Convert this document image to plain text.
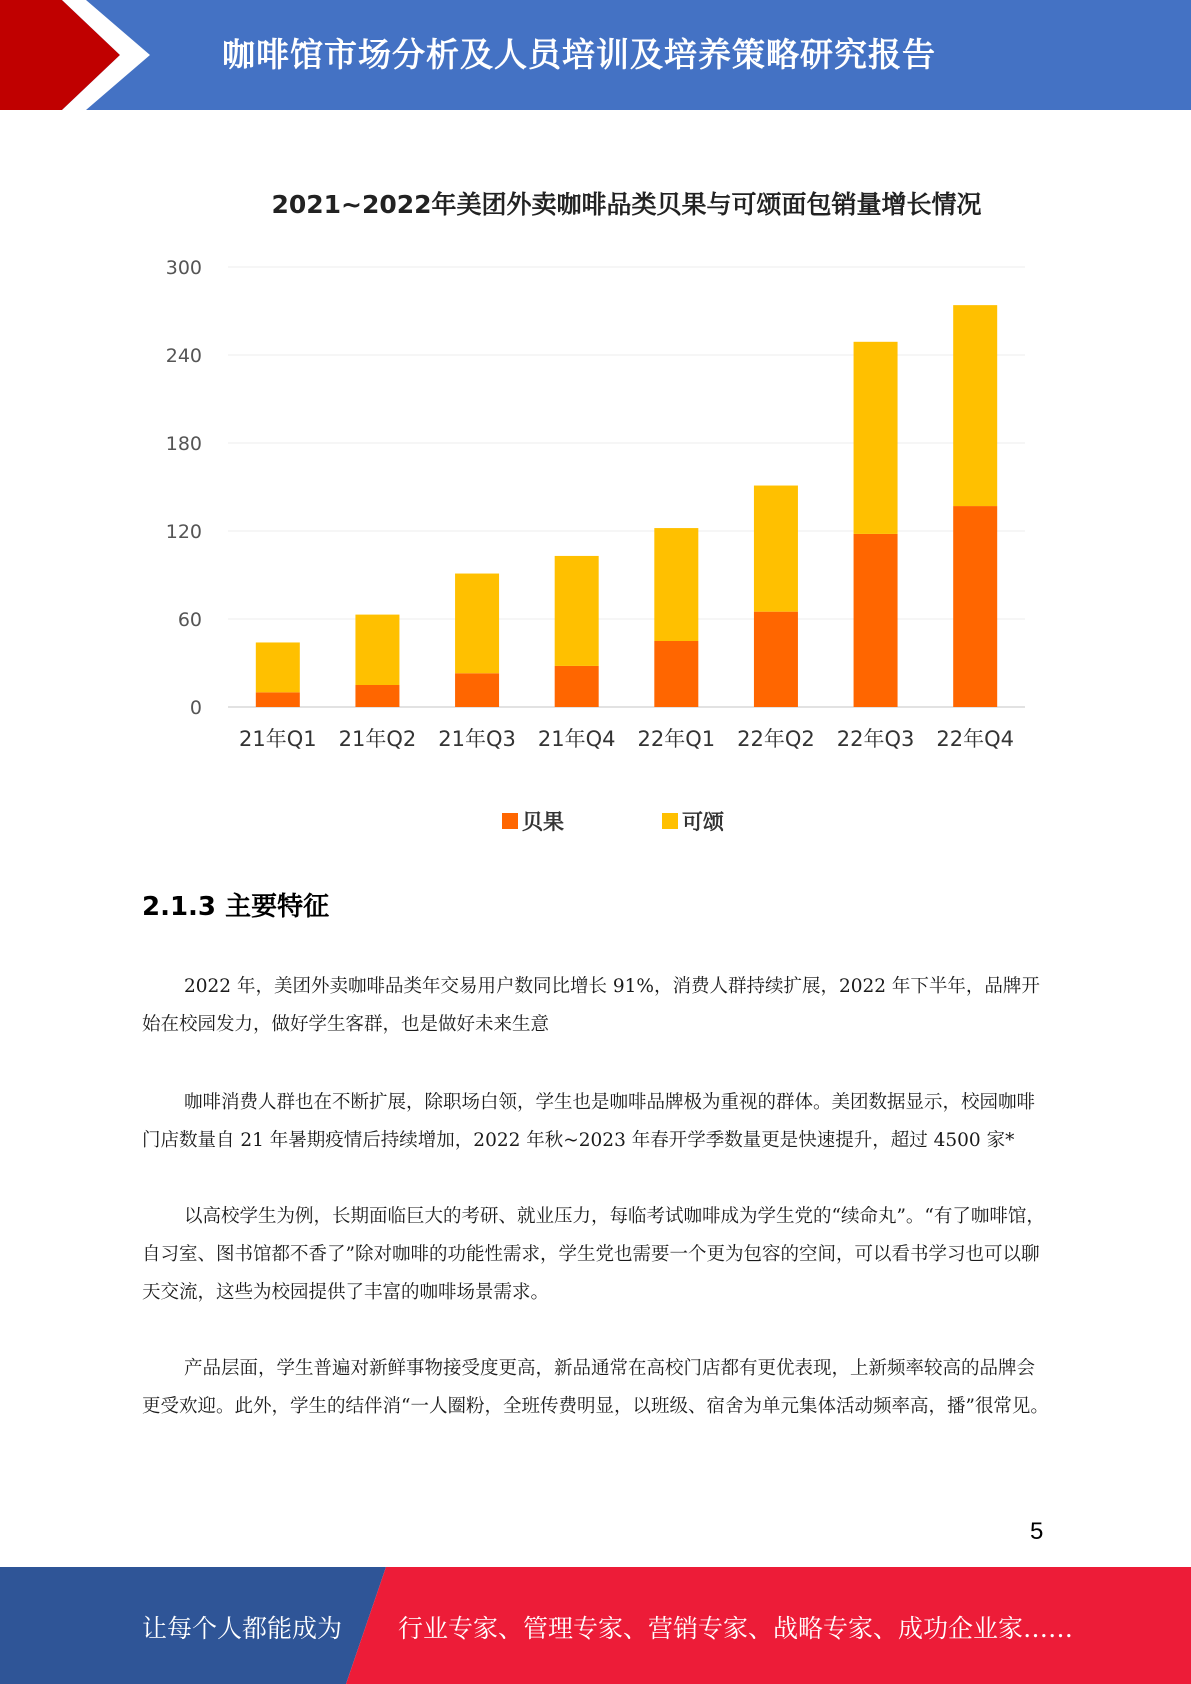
咖啡馆市场分析及人员培训及培养策略研究报告
2021~2022年美团外卖咖啡品类贝果与可颂面包销量增长情况
0
60
120
180
240
300
21年Q1 21年Q2 21年Q3 21年Q4 22年Q1 22年Q2 22年Q3 22年Q4
贝果	可颂
2.1.3 主要特征

2022 年，美团外卖咖啡品类年交易用户数同比增长 91%，消费人群持续扩展，2022 年下半年，品牌开始在校园发力，做好学生客群，也是做好未来生意

咖啡消费人群也在不断扩展，除职场白领，学生也是咖啡品牌极为重视的群体。美团数据显示，校园咖啡门店数量自 21 年暑期疫情后持续增加，2022 年秋~2023 年春开学季数量更是快速提升，超过 4500 家*

以高校学生为例，长期面临巨大的考研、就业压力，每临考试咖啡成为学生党的“续命丸”。“有了咖啡馆，自习室、图书馆都不香了”除对咖啡的功能性需求，学生党也需要一个更为包容的空间，可以看书学习也可以聊天交流，这些为校园提供了丰富的咖啡场景需求。

产品层面，学生普遍对新鲜事物接受度更高，新品通常在高校门店都有更优表现，上新频率较高的品牌会更受欢迎。此外，学生的结伴消“一人圈粉，全班传费明显，以班级、宿舍为单元集体活动频率高，播”很常见。

5
让每个人都能成为 行业专家、管理专家、营销专家、战略专家、成功企业家……
